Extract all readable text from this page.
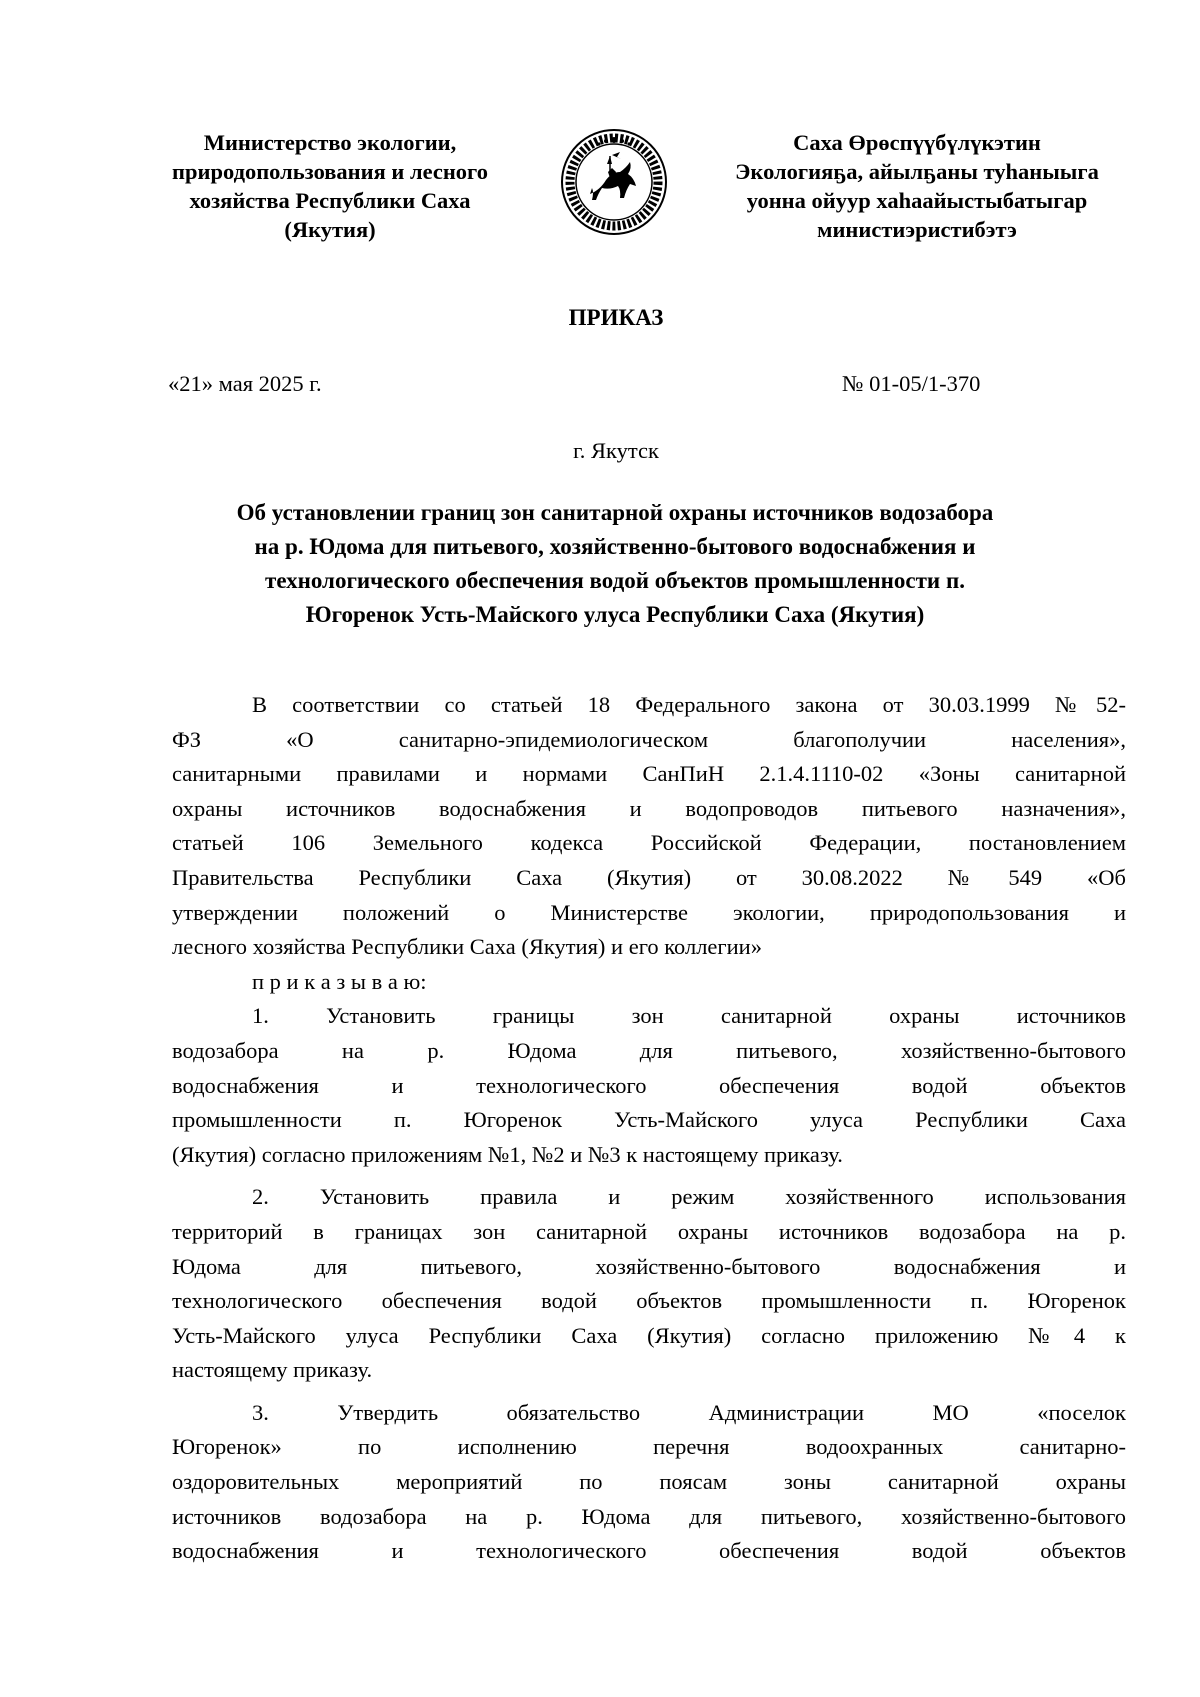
Министерство экологии,
природопользования и лесного
хозяйства Республики Саха
(Якутия)
Саха Өрөспүүбүлүкэтин
Экологияҕа, айылҕаны туһаныыга
уонна ойуур хаһаайыстыбатыгар
министиэристибэтэ
ПРИКАЗ
«21» мая 2025 г.	№ 01-05/1-370
г. Якутск
Об установлении границ зон санитарной охраны источников водозабора
на р. Юдома для питьевого, хозяйственно-бытового водоснабжения и
технологического обеспечения водой объектов промышленности п.
Югоренок Усть-Майского улуса Республики Саха (Якутия)
В соответствии со статьей 18 Федерального закона от 30.03.1999 №52-
ФЗ «О санитарно-эпидемиологическом благополучии населения»,
санитарными правилами и нормами СанПиН 2.1.4.1110-02 «Зоны санитарной
охраны источников водоснабжения и водопроводов питьевого назначения»,
статьей 106 Земельного кодекса Российской Федерации, постановлением
Правительства Республики Саха (Якутия) от 30.08.2022 №549 «Об
утверждении положений о Министерстве экологии, природопользования и
лесного хозяйства Республики Саха (Якутия) и его коллегии»
п р и к а з ы в а ю:
1. Установить границы зон санитарной охраны источников
водозабора на р. Юдома для питьевого, хозяйственно-бытового
водоснабжения и технологического обеспечения водой объектов
промышленности п. Югоренок Усть-Майского улуса Республики Саха
(Якутия) согласно приложениям №1, №2 и №3 к настоящему приказу.
2. Установить правила и режим хозяйственного использования
территорий в границах зон санитарной охраны источников водозабора на р.
Юдома для питьевого, хозяйственно-бытового водоснабжения и
технологического обеспечения водой объектов промышленности п. Югоренок
Усть-Майского улуса Республики Саха (Якутия) согласно приложению №4 к
настоящему приказу.
3. Утвердить обязательство Администрации МО «поселок
Югоренок» по исполнению перечня водоохранных санитарно-
оздоровительных мероприятий по поясам зоны санитарной охраны
источников водозабора на р. Юдома для питьевого, хозяйственно-бытового
водоснабжения и технологического обеспечения водой объектов
